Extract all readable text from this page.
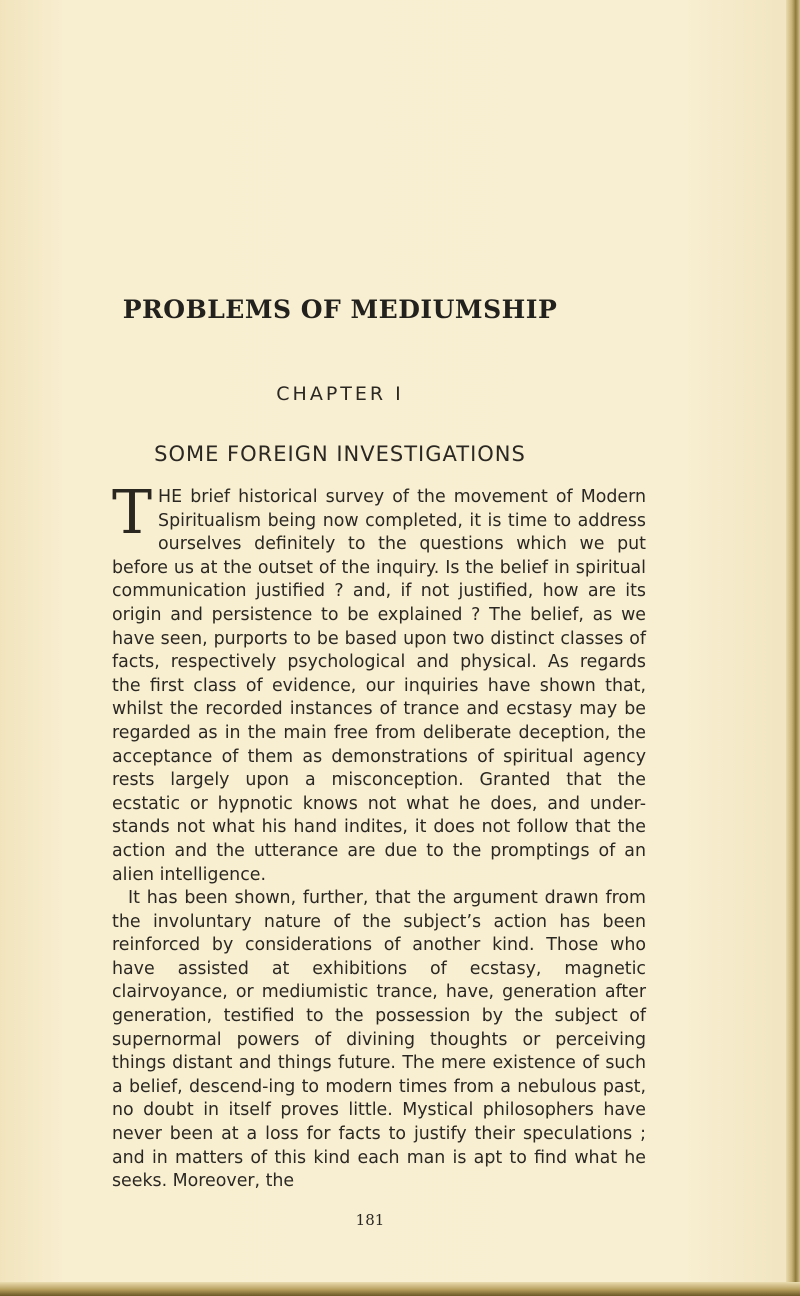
PROBLEMS OF MEDIUMSHIP
CHAPTER I
SOME FOREIGN INVESTIGATIONS

THE brief historical survey of the movement of Modern Spiritualism being now completed, it is time to address ourselves definitely to the questions which we put before us at the outset of the inquiry. Is the belief in spiritual communication justified ? and, if not justified, how are its origin and persistence to be explained ? The belief, as we have seen, purports to be based upon two distinct classes of facts, respectively psychological and physical. As regards the first class of evidence, our inquiries have shown that, whilst the recorded instances of trance and ecstasy may be regarded as in the main free from deliberate deception, the acceptance of them as demonstrations of spiritual agency rests largely upon a misconception. Granted that the ecstatic or hypnotic knows not what he does, and under-stands not what his hand indites, it does not follow that the action and the utterance are due to the promptings of an alien intelligence.

It has been shown, further, that the argument drawn from the involuntary nature of the subject’s action has been reinforced by considerations of another kind. Those who have assisted at exhibitions of ecstasy, magnetic clairvoyance, or mediumistic trance, have, generation after generation, testified to the possession by the subject of supernormal powers of divining thoughts or perceiving things distant and things future. The mere existence of such a belief, descend-ing to modern times from a nebulous past, no doubt in itself proves little. Mystical philosophers have never been at a loss for facts to justify their speculations ; and in matters of this kind each man is apt to find what he seeks. Moreover, the

181
